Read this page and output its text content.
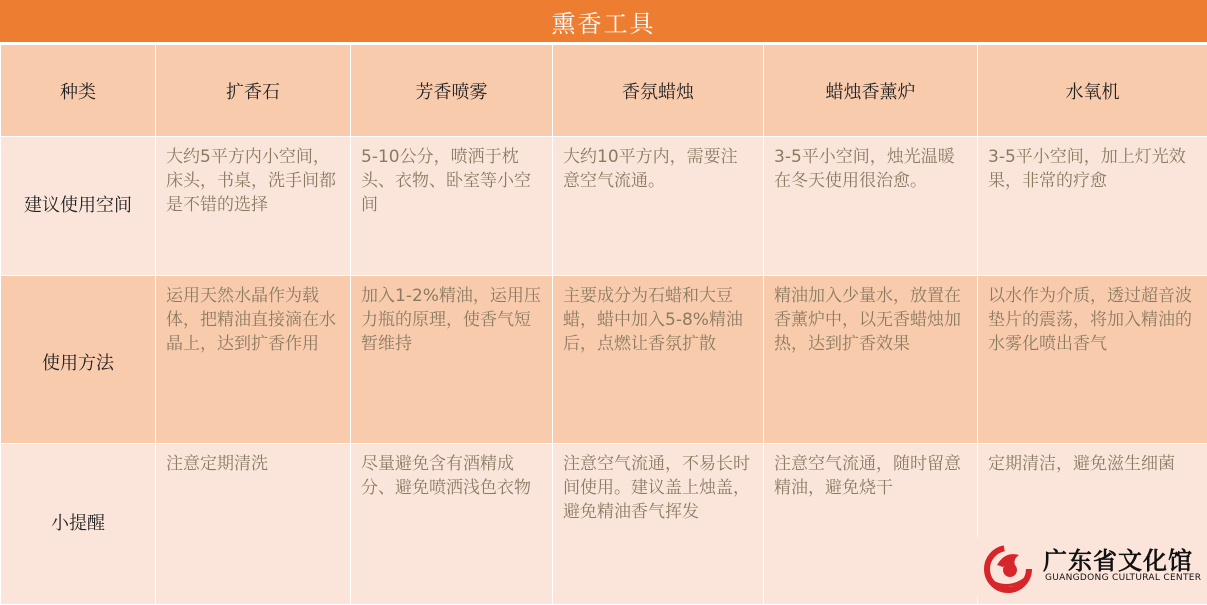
熏香工具
种类	扩香石	芳香喷雾	香氛蜡烛	蜡烛香薰炉	水氧机
建议使用空间	大约5平方内小空间，床头，书桌，洗手间都是不错的选择	5-10公分，喷洒于枕头、衣物、卧室等小空间	大约10平方内，需要注意空气流通。	3-5平小空间，烛光温暖在冬天使用很治愈。	3-5平小空间，加上灯光效果，非常的疗愈
使用方法	运用天然水晶作为载体，把精油直接滴在水晶上，达到扩香作用	加入1-2%精油，运用压力瓶的原理，使香气短暂维持	主要成分为石蜡和大豆蜡，蜡中加入5-8%精油后，点燃让香氛扩散	精油加入少量水，放置在香薰炉中，以无香蜡烛加热，达到扩香效果	以水作为介质，透过超音波垫片的震荡，将加入精油的水雾化喷出香气
小提醒	注意定期清洗	尽量避免含有酒精成分、避免喷洒浅色衣物	注意空气流通，不易长时间使用。建议盖上烛盖，避免精油香气挥发	注意空气流通，随时留意精油，避免烧干	定期清洁，避免滋生细菌
广东省文化馆
GUANGDONG CULTURAL CENTER
